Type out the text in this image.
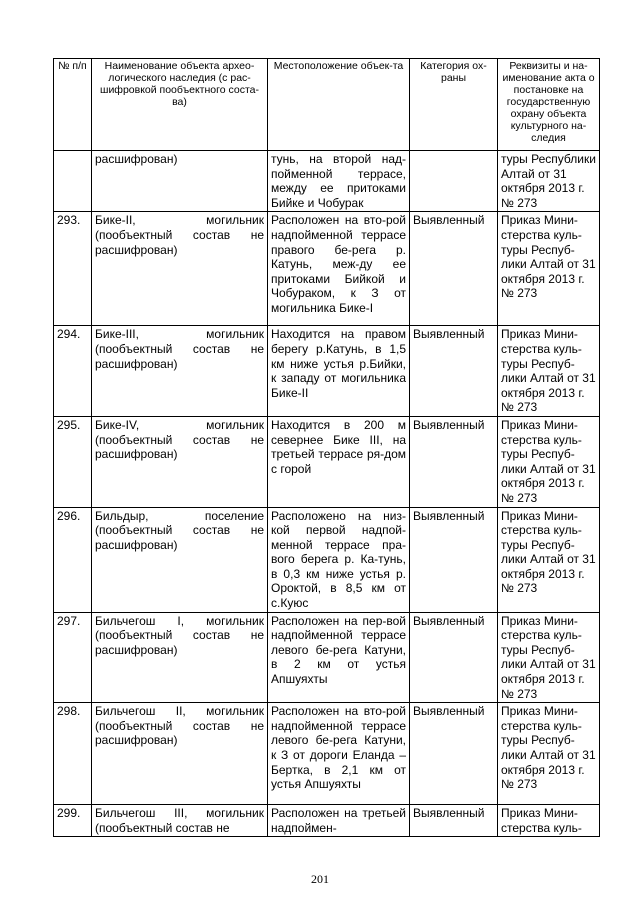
№ п/п	Наименование объекта архео-логического наследия (с рас-шифровкой пообъектного соста-ва)	Местоположение объек-та	Категория ох-раны	Реквизиты и на-именование акта о постановке на государственную охрану объекта культурного на-следия
	расшифрован)	тунь, на второй над-пойменной террасе, между ее притоками Бийке и Чобурак		туры Республики Алтай от 31 октября 2013 г. № 273
293.	Бике-II, могильник (пообъектный состав не расшифрован)	Расположен на вто-рой надпойменной террасе правого бе-рега р. Катунь, меж-ду ее притоками Бийкой и Чобураком, к З от могильника Бике-I	Выявленный	Приказ Мини-стерства куль-туры Респуб-лики Алтай от 31 октября 2013 г. № 273
294.	Бике-III, могильник (пообъектный состав не расшифрован)	Находится на правом берегу р.Катунь, в 1,5 км ниже устья р.Бийки, к западу от могильника Бике-II	Выявленный	Приказ Мини-стерства куль-туры Респуб-лики Алтай от 31 октября 2013 г. № 273
295.	Бике-IV, могильник (пообъектный состав не расшифрован)	Находится в 200 м севернее Бике III, на третьей террасе ря-дом с горой	Выявленный	Приказ Мини-стерства куль-туры Респуб-лики Алтай от 31 октября 2013 г. № 273
296.	Бильдыр, поселение (пообъектный состав не расшифрован)	Расположено на низ-кой первой надпой-менной террасе пра-вого берега р. Ка-тунь, в 0,3 км ниже устья р. Ороктой, в 8,5 км от с.Куюс	Выявленный	Приказ Мини-стерства куль-туры Респуб-лики Алтай от 31 октября 2013 г. № 273
297.	Бильчегош I, могильник (пообъектный состав не расшифрован)	Расположен на пер-вой надпойменной террасе левого бе-рега Катуни, в 2 км от устья Апшуяхты	Выявленный	Приказ Мини-стерства куль-туры Респуб-лики Алтай от 31 октября 2013 г. № 273
298.	Бильчегош II, могильник (пообъектный состав не расшифрован)	Расположен на вто-рой надпойменной террасе левого бе-рега Катуни, к З от дороги Еланда – Бертка, в 2,1 км от устья Апшуяхты	Выявленный	Приказ Мини-стерства куль-туры Респуб-лики Алтай от 31 октября 2013 г. № 273
299.	Бильчегош III, могильник (пообъектный состав не	Расположен на третьей надпоймен-	Выявленный	Приказ Мини-стерства куль-
201
